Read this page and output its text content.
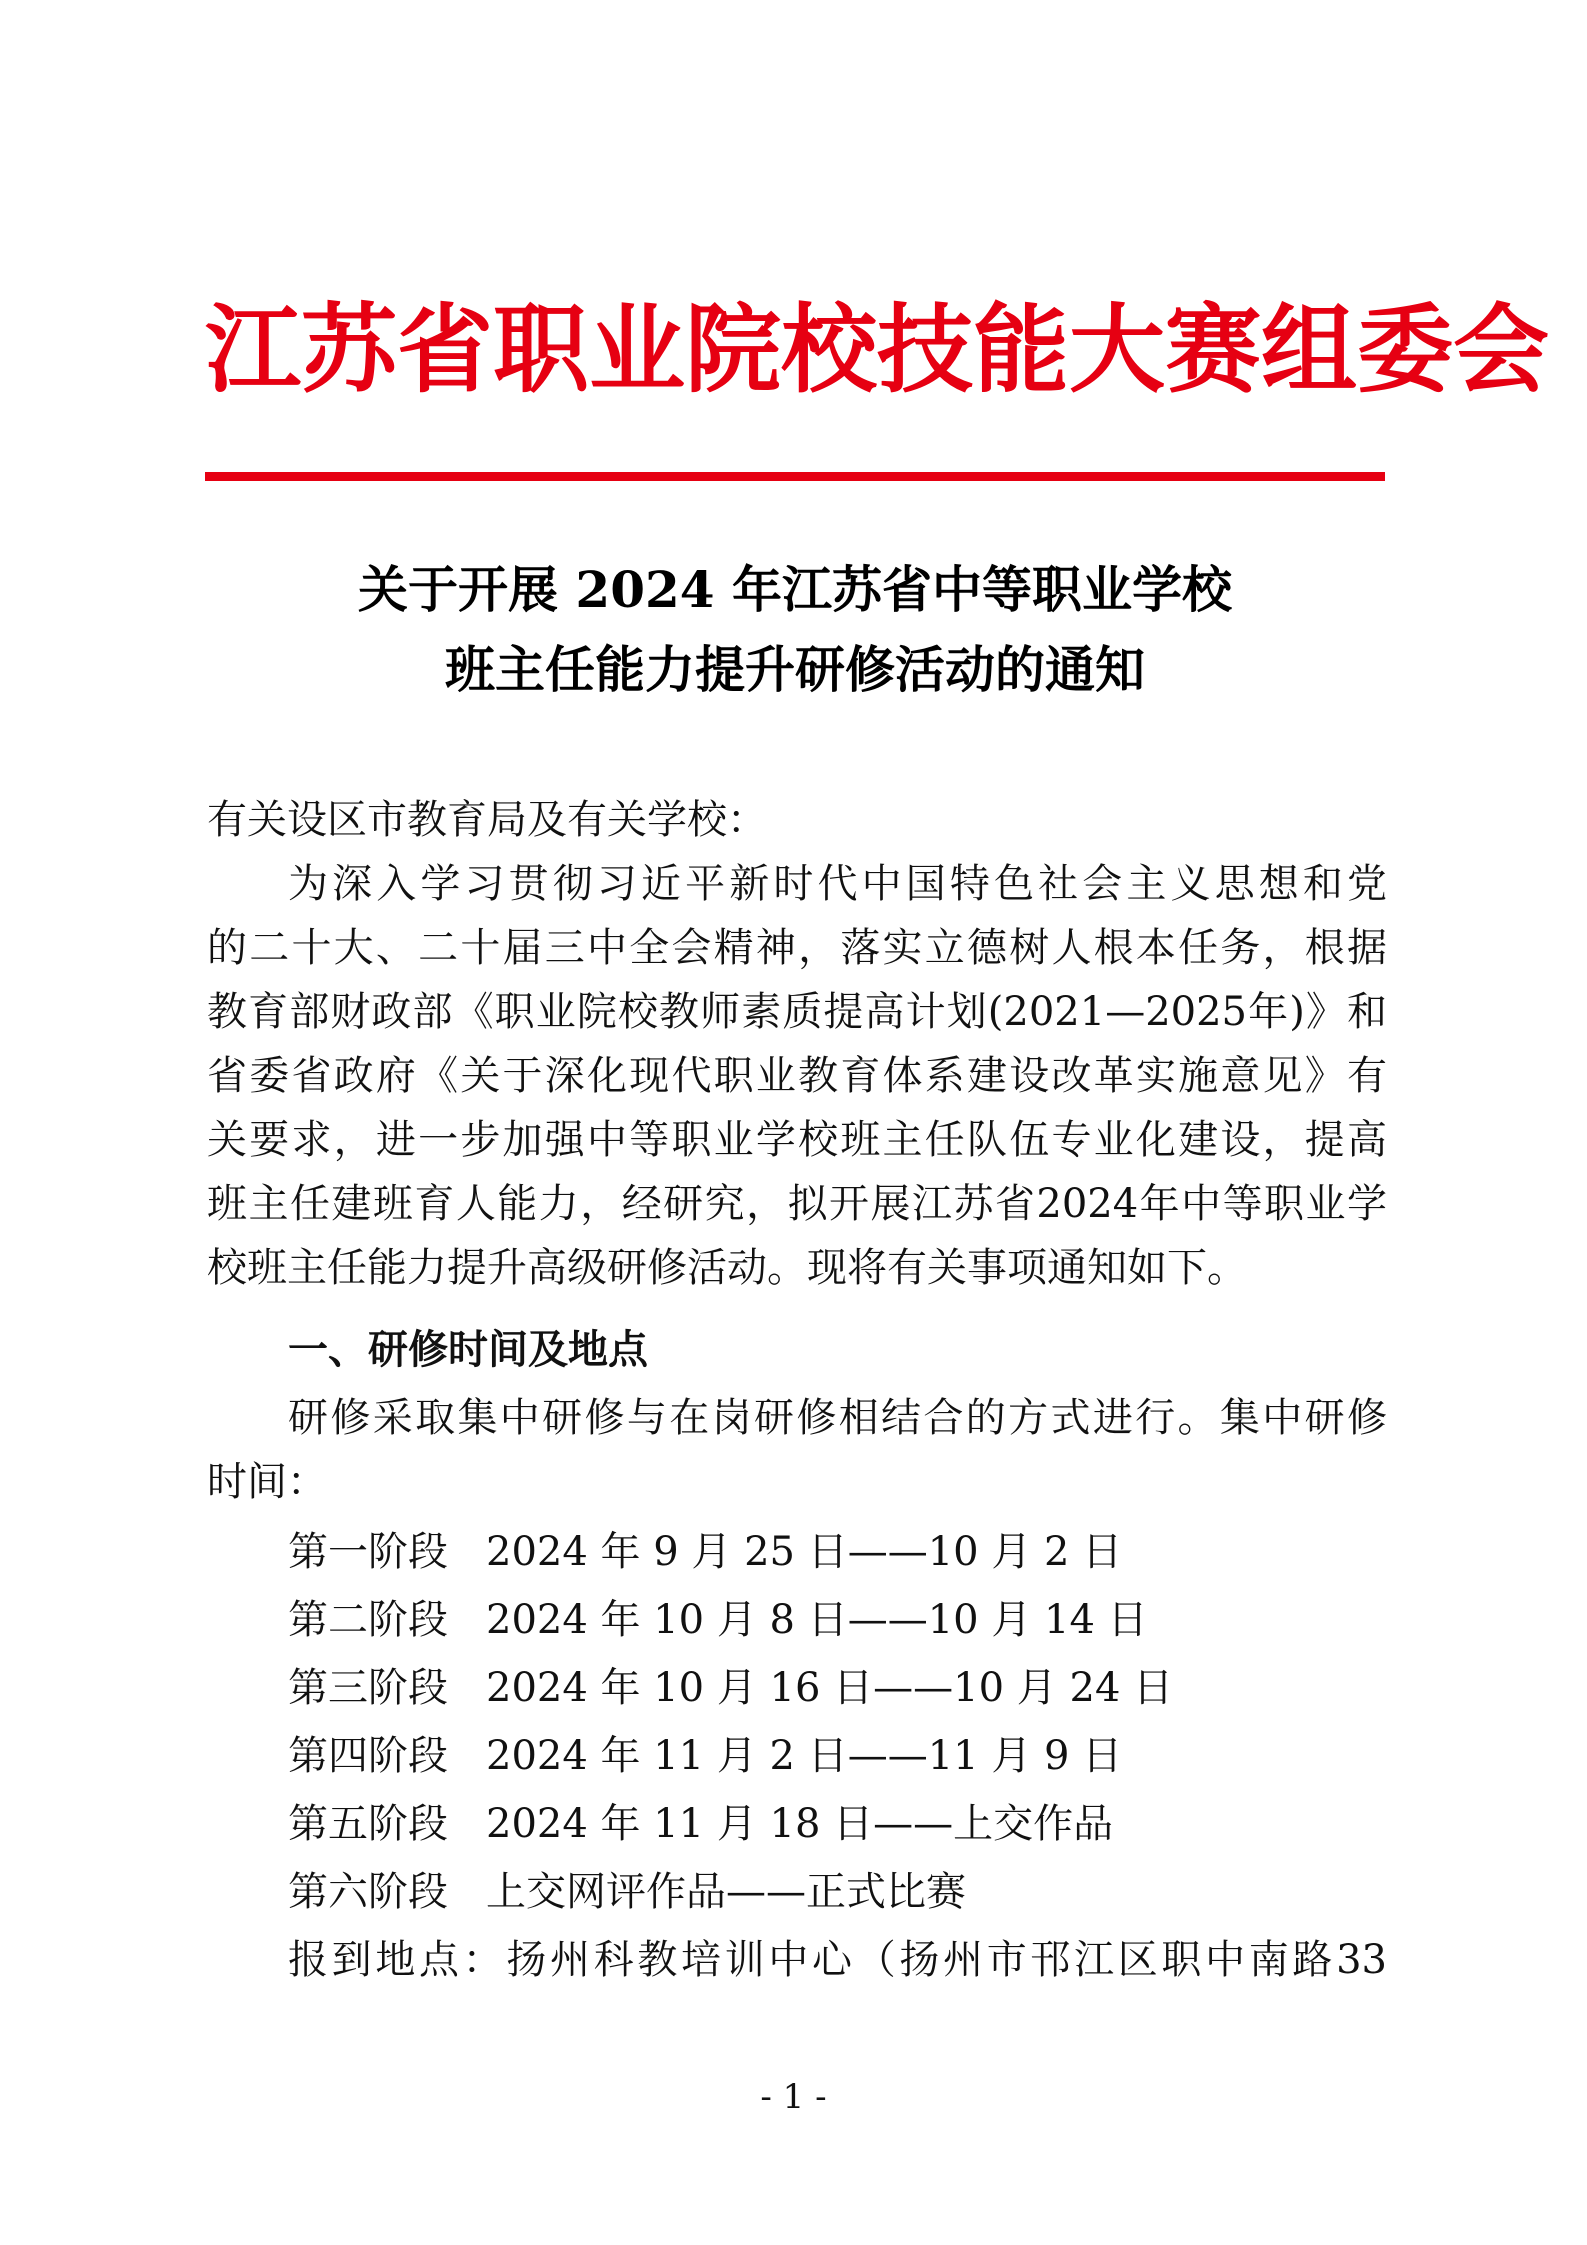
江苏省职业院校技能大赛组委会
关于开展 2024 年江苏省中等职业学校
班主任能力提升研修活动的通知
有关设区市教育局及有关学校：
为深入学习贯彻习近平新时代中国特色社会主义思想和党
的二十大、二十届三中全会精神，落实立德树人根本任务，根据
教育部财政部《职业院校教师素质提高计划(2021—2025年)》和
省委省政府《关于深化现代职业教育体系建设改革实施意见》有
关要求，进一步加强中等职业学校班主任队伍专业化建设，提高
班主任建班育人能力，经研究，拟开展江苏省2024年中等职业学
校班主任能力提升高级研修活动。现将有关事项通知如下。
一、研修时间及地点
研修采取集中研修与在岗研修相结合的方式进行。集中研修
时间：
第一阶段 2024 年 9 月 25 日——10 月 2 日
第二阶段 2024 年 10 月 8 日——10 月 14 日
第三阶段 2024 年 10 月 16 日——10 月 24 日
第四阶段 2024 年 11 月 2 日——11 月 9 日
第五阶段 2024 年 11 月 18 日——上交作品
第六阶段 上交网评作品——正式比赛
报到地点：扬州科教培训中心（扬州市邗江区职中南路33
- 1 -
